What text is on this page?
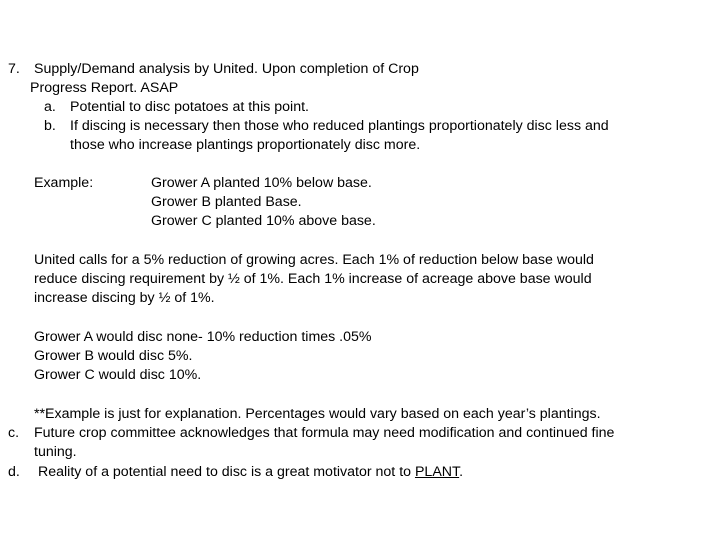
7. Supply/Demand analysis by United. Upon completion of Crop

Progress Report. ASAP

a. Potential to disc potatoes at this point.

b. If discing is necessary then those who reduced plantings proportionately disc less and

those who increase plantings proportionately disc more.

Example:	Grower A planted 10% below base.

Grower B planted Base.

Grower C planted 10% above base.

United calls for a 5% reduction of growing acres. Each 1% of reduction below base would

reduce discing requirement by ½ of 1%. Each 1% increase of acreage above base would

increase discing by ½ of 1%.

Grower A would disc none- 10% reduction times .05%

Grower B would disc 5%.

Grower C would disc 10%.

**Example is just for explanation. Percentages would vary based on each year’s plantings.

c. Future crop committee acknowledges that formula may need modification and continued fine

tuning.

d. Reality of a potential need to disc is a great motivator not to PLANT.
